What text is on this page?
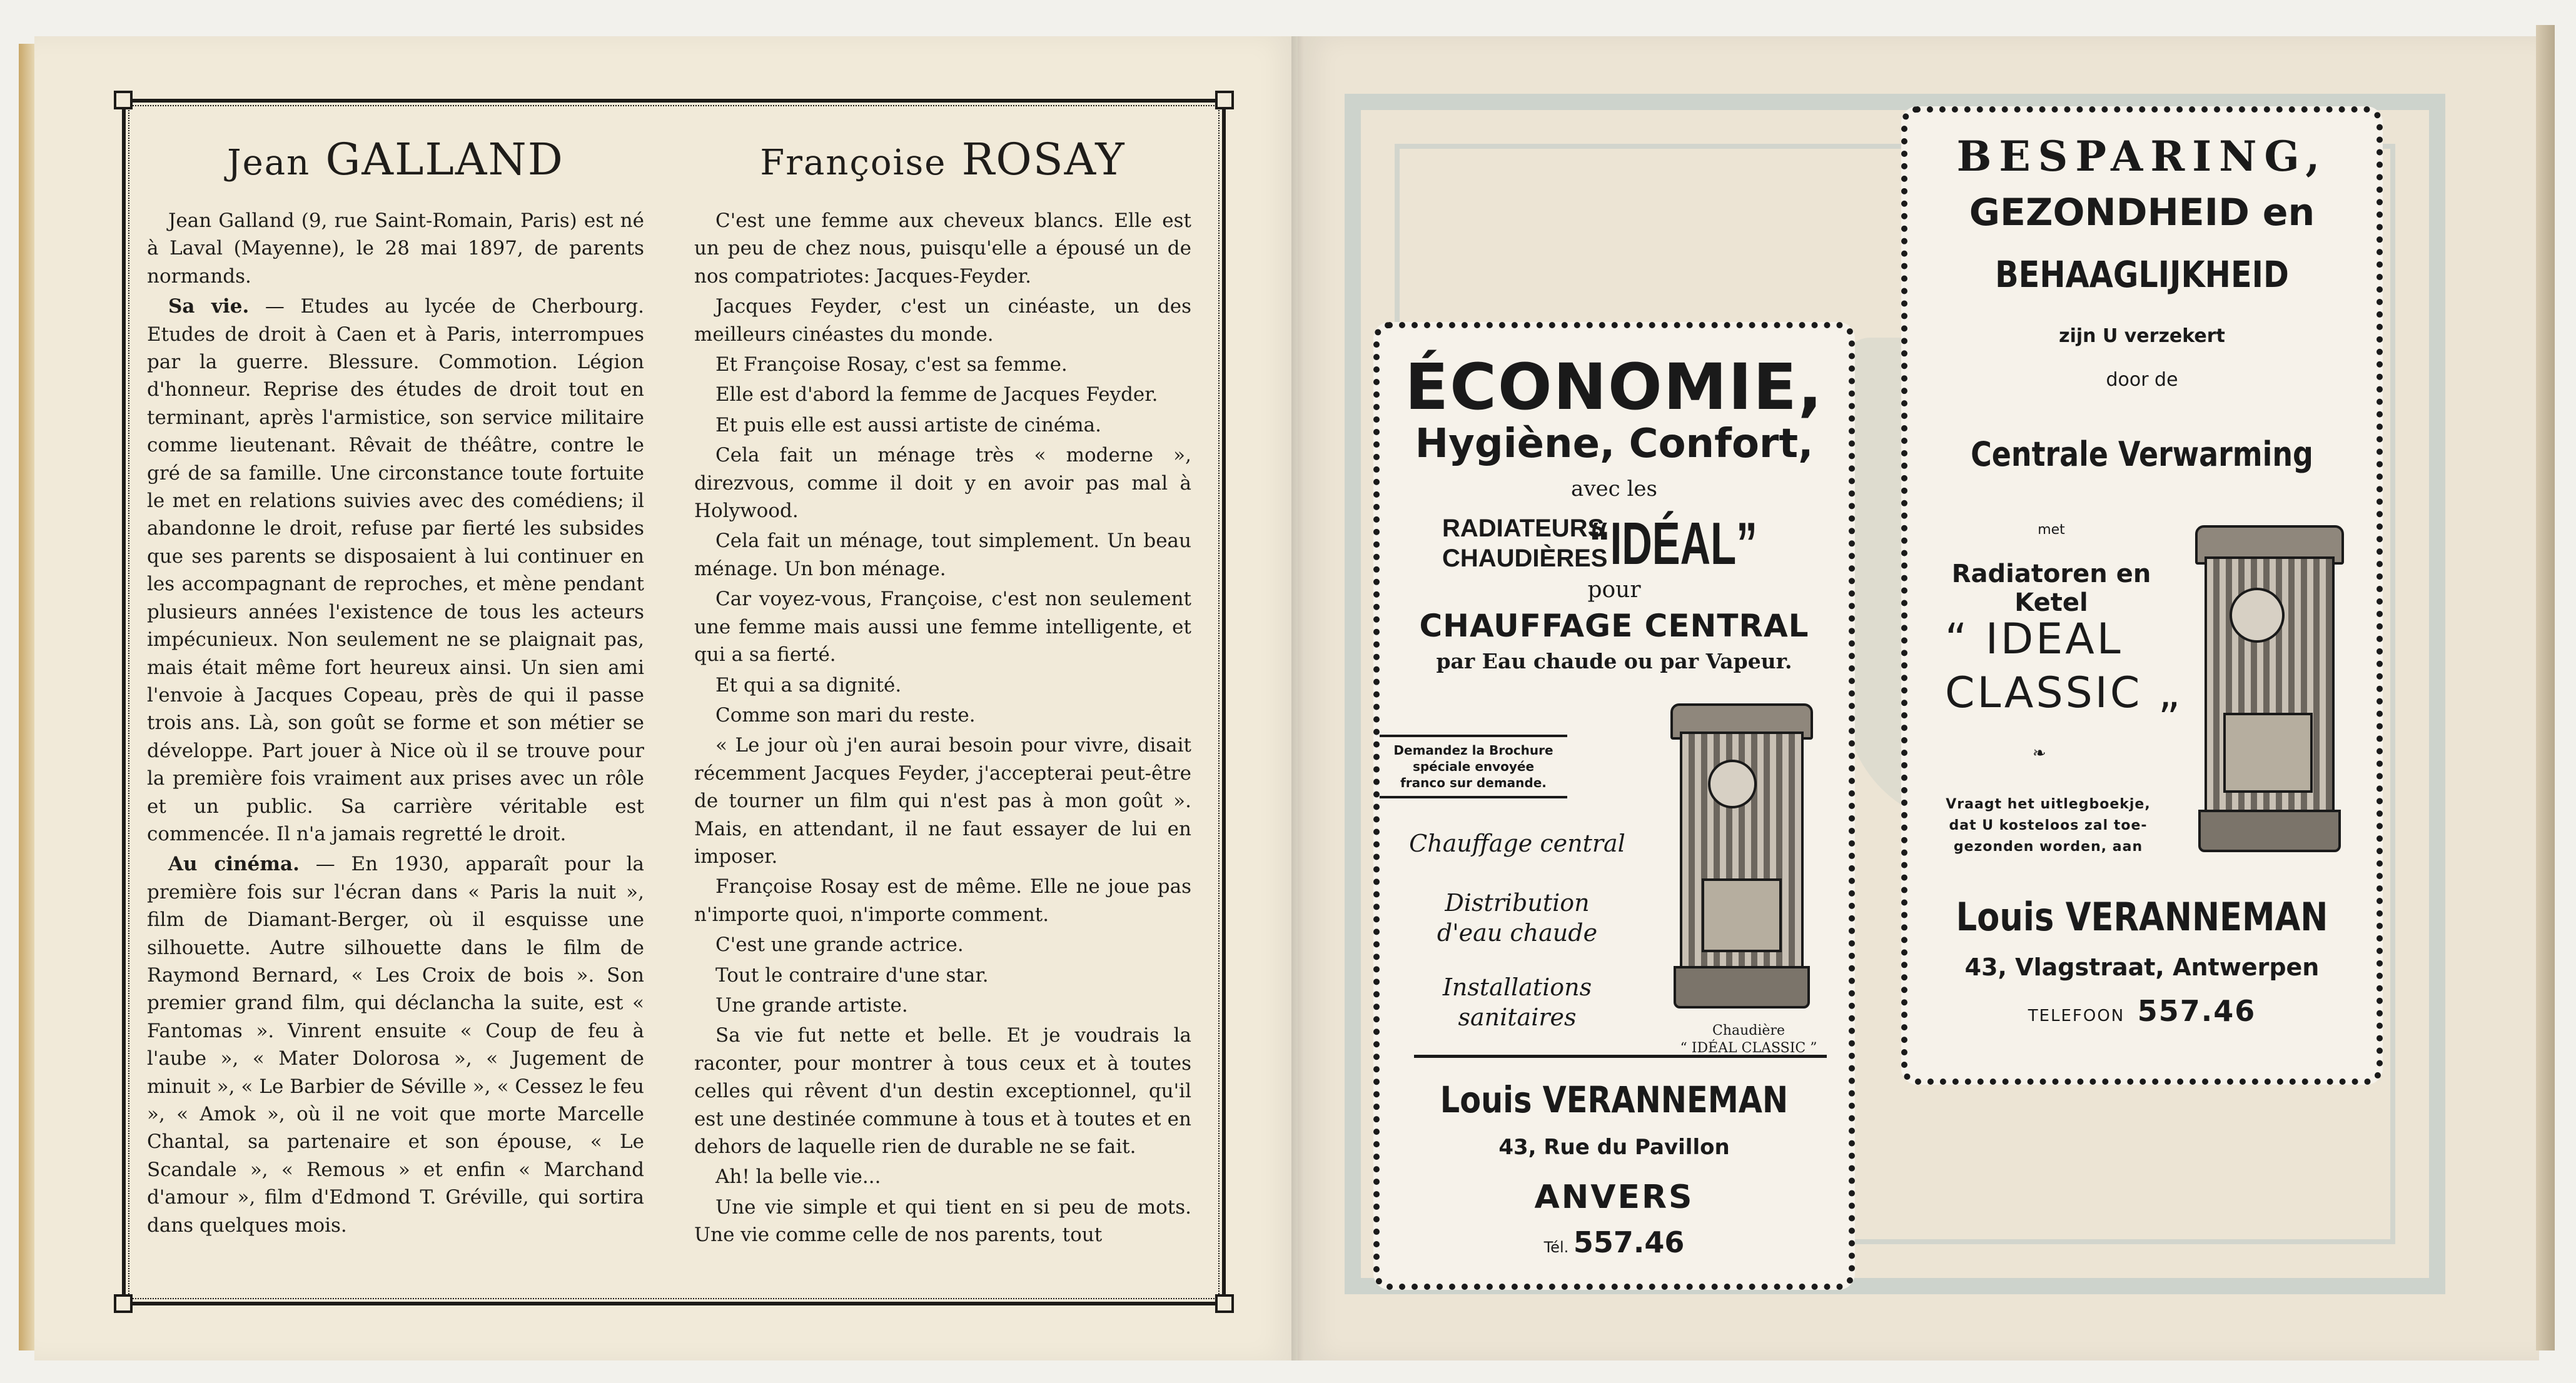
Jean GALLAND

Jean Galland (9, rue Saint-Romain, Paris) est né à Laval (Mayenne), le 28 mai 1897, de parents normands.

Sa vie. — Etudes au lycée de Cherbourg. Etudes de droit à Caen et à Paris, interrompues par la guerre. Blessure. Commotion. Légion d'honneur. Reprise des études de droit tout en terminant, après l'armistice, son service militaire comme lieutenant. Rêvait de théâtre, contre le gré de sa famille. Une circonstance toute fortuite le met en relations suivies avec des comédiens; il abandonne le droit, refuse par fierté les subsides que ses parents se disposaient à lui continuer en les accompagnant de reproches, et mène pendant plusieurs années l'existence de tous les acteurs impécunieux. Non seulement ne se plaignait pas, mais était même fort heureux ainsi. Un sien ami l'envoie à Jacques Copeau, près de qui il passe trois ans. Là, son goût se forme et son métier se développe. Part jouer à Nice où il se trouve pour la première fois vraiment aux prises avec un rôle et un public. Sa carrière véritable est commencée. Il n'a jamais regretté le droit.

Au cinéma. — En 1930, apparaît pour la première fois sur l'écran dans « Paris la nuit », film de Diamant-Berger, où il esquisse une silhouette. Autre silhouette dans le film de Raymond Bernard, « Les Croix de bois ». Son premier grand film, qui déclancha la suite, est « Fantomas ». Vinrent ensuite « Coup de feu à l'aube », « Mater Dolorosa », « Jugement de minuit », « Le Barbier de Séville », « Cessez le feu », « Amok », où il ne voit que morte Marcelle Chantal, sa partenaire et son épouse, « Le Scandale », « Remous » et enfin « Marchand d'amour », film d'Edmond T. Gréville, qui sortira dans quelques mois.

Françoise ROSAY

C'est une femme aux cheveux blancs. Elle est un peu de chez nous, puisqu'elle a épousé un de nos compatriotes: Jacques-Feyder.

Jacques Feyder, c'est un cinéaste, un des meilleurs cinéastes du monde.

Et Françoise Rosay, c'est sa femme.

Elle est d'abord la femme de Jacques Feyder.

Et puis elle est aussi artiste de cinéma.

Cela fait un ménage très « moderne », direzvous, comme il doit y en avoir pas mal à Holywood.

Cela fait un ménage, tout simplement. Un beau ménage. Un bon ménage.

Car voyez-vous, Françoise, c'est non seulement une femme mais aussi une femme intelligente, et qui a sa fierté.

Et qui a sa dignité.

Comme son mari du reste.

« Le jour où j'en aurai besoin pour vivre, disait récemment Jacques Feyder, j'accepterai peut-être de tourner un film qui n'est pas à mon goût ». Mais, en attendant, il ne faut essayer de lui en imposer.

Françoise Rosay est de même. Elle ne joue pas n'importe quoi, n'importe comment.

C'est une grande actrice.

Tout le contraire d'une star.

Une grande artiste.

Sa vie fut nette et belle. Et je voudrais la raconter, pour montrer à tous ceux et à toutes celles qui rêvent d'un destin exceptionnel, qu'il est une destinée commune à tous et à toutes et en dehors de laquelle rien de durable ne se fait.

Ah! la belle vie...

Une vie simple et qui tient en si peu de mots. Une vie comme celle de nos parents, tout

ÉCONOMIE,
Hygiène, Confort,
avec les
RADIATEURS
CHAUDIÈRES
“IDÉAL”
pour
CHAUFFAGE CENTRAL
par Eau chaude ou par Vapeur.
Demandez la Brochure
spéciale envoyée
franco sur demande.
Chauffage central
Distribution
d'eau chaude
Installations
sanitaires	Chaudière
“ IDÉAL CLASSIC ”
Louis VERANNEMAN
43, Rue du Pavillon
ANVERS
Tél. 557.46
BESPARING,
GEZONDHEID en
BEHAAGLIJKHEID
zijn U verzekert
door de
Centrale Verwarming
met
Radiatoren en Ketel
“ IDEAL
CLASSIC „
❧
Vraagt het uitlegboekje,
dat U kosteloos zal toe-
gezonden worden, aan
Louis VERANNEMAN
43, Vlagstraat, Antwerpen
TELEFOON 557.46
